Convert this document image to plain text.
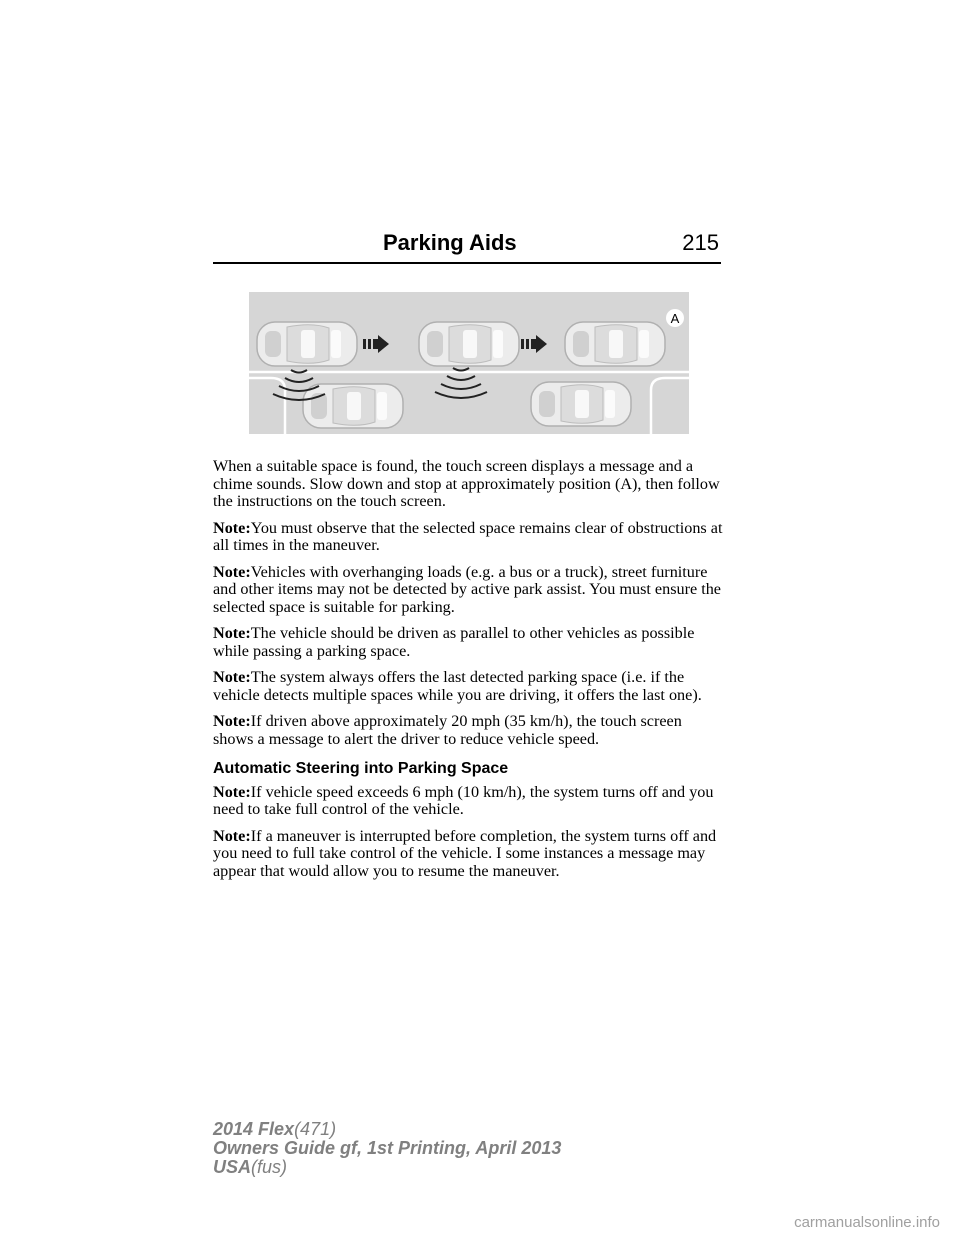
Parking Aids	215
A

When a suitable space is found, the touch screen displays a message and a chime sounds. Slow down and stop at approximately position (A), then follow the instructions on the touch screen.

Note:You must observe that the selected space remains clear of obstructions at all times in the maneuver.

Note:Vehicles with overhanging loads (e.g. a bus or a truck), street furniture and other items may not be detected by active park assist. You must ensure the selected space is suitable for parking.

Note:The vehicle should be driven as parallel to other vehicles as possible while passing a parking space.

Note:The system always offers the last detected parking space (i.e. if the vehicle detects multiple spaces while you are driving, it offers the last one).

Note:If driven above approximately 20 mph (35 km/h), the touch screen shows a message to alert the driver to reduce vehicle speed.

Automatic Steering into Parking Space

Note:If vehicle speed exceeds 6 mph (10 km/h), the system turns off and you need to take full control of the vehicle.

Note:If a maneuver is interrupted before completion, the system turns off and you need to full take control of the vehicle. I some instances a message may appear that would allow you to resume the maneuver.

2014 Flex(471)
Owners Guide gf, 1st Printing, April 2013
USA(fus)
carmanualsonline.info
